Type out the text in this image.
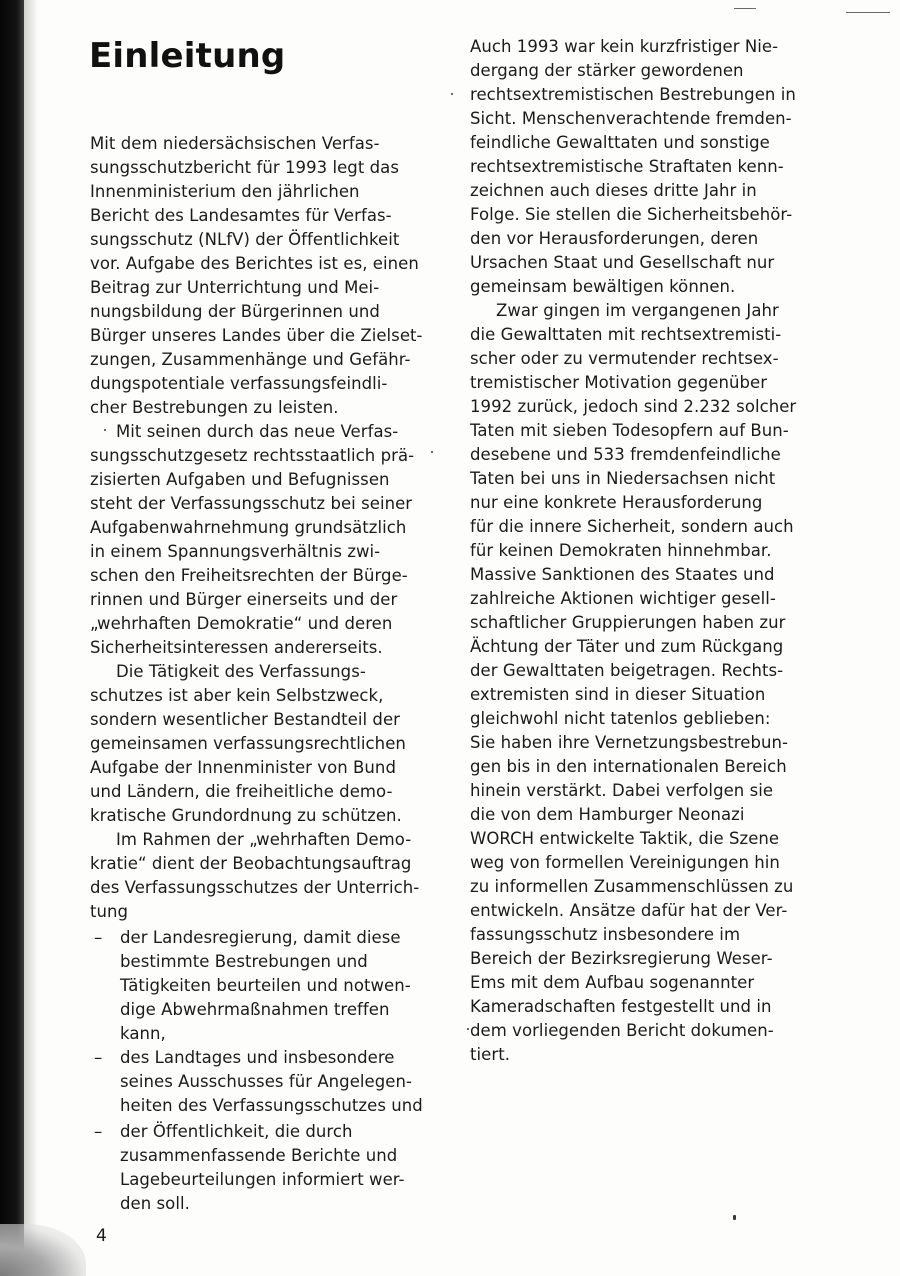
Einleitung
Mit dem niedersächsischen Verfas-
sungsschutzbericht für 1993 legt das
Innenministerium den jährlichen
Bericht des Landesamtes für Verfas-
sungsschutz (NLfV) der Öffentlichkeit
vor. Aufgabe des Berichtes ist es, einen
Beitrag zur Unterrichtung und Mei-
nungsbildung der Bürgerinnen und
Bürger unseres Landes über die Zielset-
zungen, Zusammenhänge und Gefähr-
dungspotentiale verfassungsfeindli-
cher Bestrebungen zu leisten.
Mit seinen durch das neue Verfas-
sungsschutzgesetz rechtsstaatlich prä-
zisierten Aufgaben und Befugnissen
steht der Verfassungsschutz bei seiner
Aufgabenwahrnehmung grundsätzlich
in einem Spannungsverhältnis zwi-
schen den Freiheitsrechten der Bürge-
rinnen und Bürger einerseits und der
„wehrhaften Demokratie“ und deren
Sicherheitsinteressen andererseits.
Die Tätigkeit des Verfassungs-
schutzes ist aber kein Selbstzweck,
sondern wesentlicher Bestandteil der
gemeinsamen verfassungsrechtlichen
Aufgabe der Innenminister von Bund
und Ländern, die freiheitliche demo-
kratische Grundordnung zu schützen.
Im Rahmen der „wehrhaften Demo-
kratie“ dient der Beobachtungsauftrag
des Verfassungsschutzes der Unterrich-
tung
– der Landesregierung, damit diese
bestimmte Bestrebungen und
Tätigkeiten beurteilen und notwen-
dige Abwehrmaßnahmen treffen
kann,
– des Landtages und insbesondere
seines Ausschusses für Angelegen-
heiten des Verfassungsschutzes und
– der Öffentlichkeit, die durch
zusammenfassende Berichte und
Lagebeurteilungen informiert wer-
den soll.
Auch 1993 war kein kurzfristiger Nie-
dergang der stärker gewordenen
rechtsextremistischen Bestrebungen in
Sicht. Menschenverachtende fremden-
feindliche Gewalttaten und sonstige
rechtsextremistische Straftaten kenn-
zeichnen auch dieses dritte Jahr in
Folge. Sie stellen die Sicherheitsbehör-
den vor Herausforderungen, deren
Ursachen Staat und Gesellschaft nur
gemeinsam bewältigen können.
Zwar gingen im vergangenen Jahr
die Gewalttaten mit rechtsextremisti-
scher oder zu vermutender rechtsex-
tremistischer Motivation gegenüber
1992 zurück, jedoch sind 2.232 solcher
Taten mit sieben Todesopfern auf Bun-
desebene und 533 fremdenfeindliche
Taten bei uns in Niedersachsen nicht
nur eine konkrete Herausforderung
für die innere Sicherheit, sondern auch
für keinen Demokraten hinnehmbar.
Massive Sanktionen des Staates und
zahlreiche Aktionen wichtiger gesell-
schaftlicher Gruppierungen haben zur
Ächtung der Täter und zum Rückgang
der Gewalttaten beigetragen. Rechts-
extremisten sind in dieser Situation
gleichwohl nicht tatenlos geblieben:
Sie haben ihre Vernetzungsbestrebun-
gen bis in den internationalen Bereich
hinein verstärkt. Dabei verfolgen sie
die von dem Hamburger Neonazi
WORCH entwickelte Taktik, die Szene
weg von formellen Vereinigungen hin
zu informellen Zusammenschlüssen zu
entwickeln. Ansätze dafür hat der Ver-
fassungsschutz insbesondere im
Bereich der Bezirksregierung Weser-
Ems mit dem Aufbau sogenannter
Kameradschaften festgestellt und in
dem vorliegenden Bericht dokumen-
tiert.
4
